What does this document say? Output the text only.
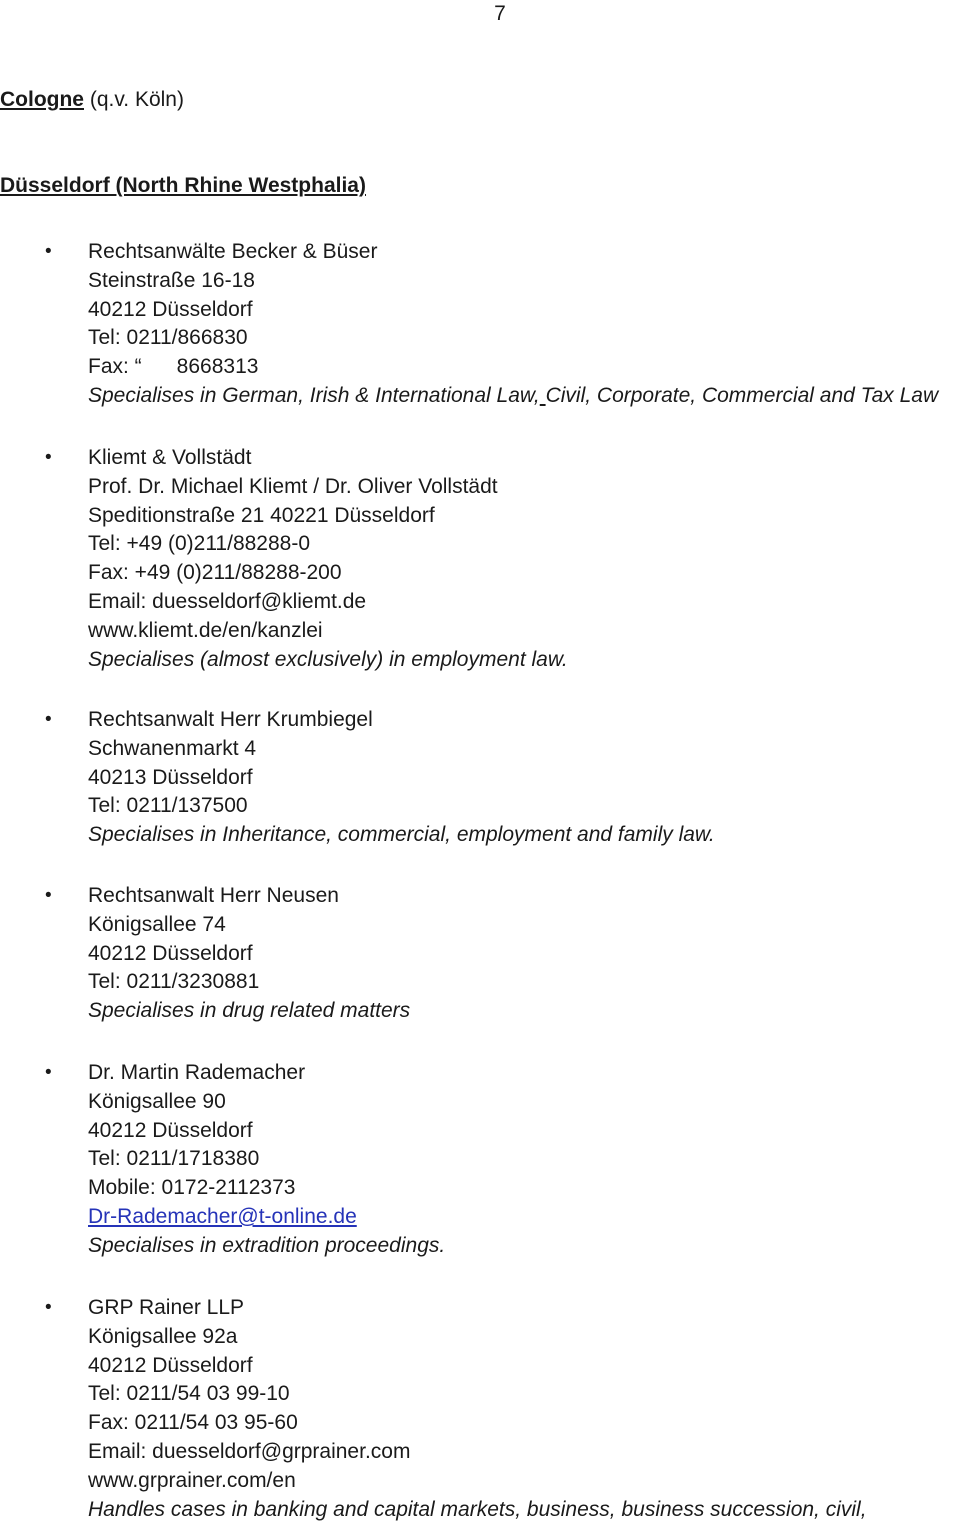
7
Cologne (q.v. Köln)
Düsseldorf (North Rhine Westphalia)
• Rechtsanwälte Becker & Büser
Steinstraße 16-18
40212 Düsseldorf
Tel: 0211/866830
Fax: “      8668313
Specialises in German, Irish & International Law, Civil, Corporate, Commercial and Tax Law
• Kliemt & Vollstädt
Prof. Dr. Michael Kliemt / Dr. Oliver Vollstädt
Speditionstraße 21 40221 Düsseldorf
Tel: +49 (0)211/88288-0
Fax: +49 (0)211/88288-200
Email: duesseldorf@kliemt.de
www.kliemt.de/en/kanzlei
Specialises (almost exclusively) in employment law.
• Rechtsanwalt Herr Krumbiegel
Schwanenmarkt 4
40213 Düsseldorf
Tel: 0211/137500
Specialises in Inheritance, commercial, employment and family law.
• Rechtsanwalt Herr Neusen
Königsallee 74
40212 Düsseldorf
Tel: 0211/3230881
Specialises in drug related matters
• Dr. Martin Rademacher
Königsallee 90
40212 Düsseldorf
Tel: 0211/1718380
Mobile: 0172-2112373
Dr-Rademacher@t-online.de
Specialises in extradition proceedings.
• GRP Rainer LLP
Königsallee 92a
40212 Düsseldorf
Tel: 0211/54 03 99-10
Fax: 0211/54 03 95-60
Email: duesseldorf@grprainer.com
www.grprainer.com/en
Handles cases in banking and capital markets, business, business succession, civil,
